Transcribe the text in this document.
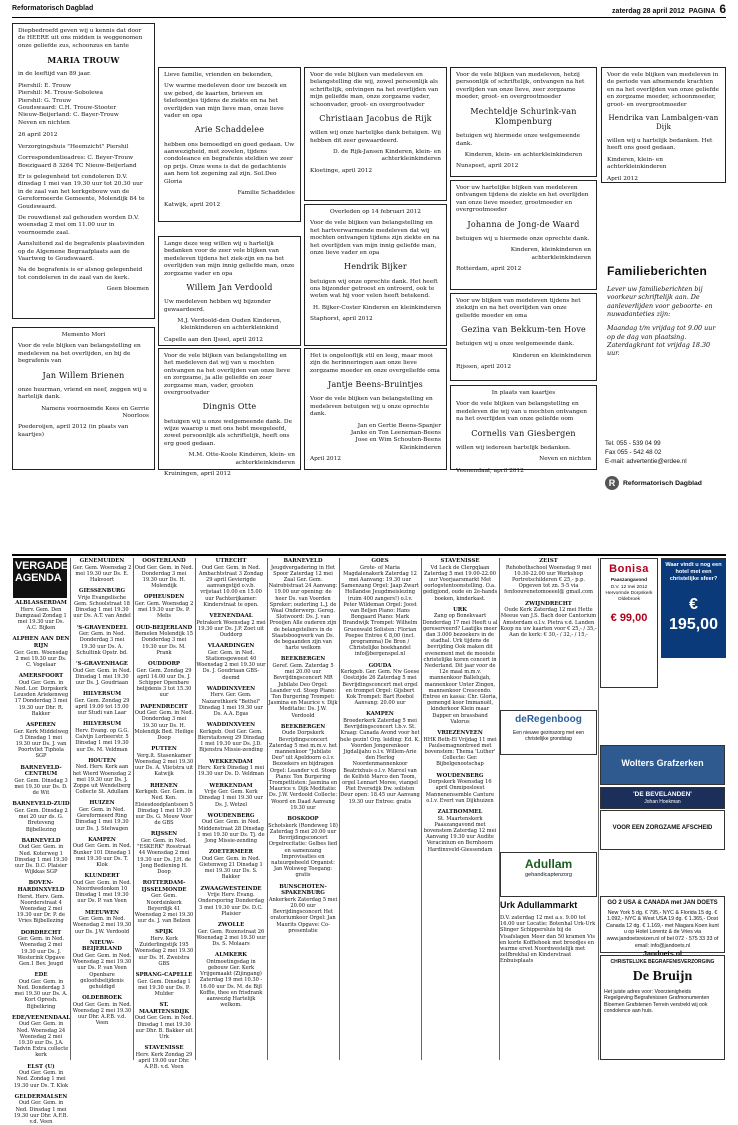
Reformatorisch Dagblad	zaterdag 28 april 2012 PAGINA 6

Diepbedroefd geven wij u kennis dat door de HEERE uit ons midden is weggenomen onze geliefde zus, schoonzus en tante

MARIA TROUW

in de leeftijd van 89 jaar.

Piershil: E. Trouw
Piershil: M. Trouw-Sobolewa
Piershil: G. Trouw
Goudswaard: C.H. Trouw-Stooter
Nieuw-Beijerland: C. Bayer-Trouw
Neven en nichten

26 april 2012

Verzorgingshuis "Heemzicht" Piershil

Correspondentieadres: C. Beyer-Trouw Boezigaard 8 3264 TC Nieuw-Beijerland

Er is gelegenheid tot condoleren D.V. dinsdag 1 mei van 19.30 uur tot 20.30 uur in de zaal van het kerkgebouw van de Gereformeerde Gemeente, Molendijk 84 te Goudswaard.

De rouwdienst zal gehouden worden D.V. woensdag 2 mei om 11.00 uur in voornoemde zaal.

Aansluitend zal de begrafenis plaatsvinden op de Algemene Begraafplaats aan de Vaartweg te Goudswaard.

Na de begrafenis is er alsnog gelegenheid tot condoleren in de zaal van de kerk.

Geen bloemen

Lieve familie, vrienden en bekenden,

Uw warme medeleven door uw bezoek en uw gebed, de kaarten, brieven en telefoontjes tijdens de ziekte en na het overlijden van mijn lieve man, onze lieve vader en opa

Arie Schaddelee

hebben ons bemoedigd en goed gedaan. Uw aanwezigheid, met zovelen, tijdens condoleance en begrafenis steldien we zeer op prijs. Onze wens is dat de gedachtenis aan hem tot zegening zal zijn. Sol.Deo Gloria

Familie Schaddelee

Katwijk, april 2012

Voor de vele blijken van medeleven en belangstelling die wij, zowel persoonlijk als schriftelijk, ontvingen na het overlijden van mijn geliefde man, onze zorgzame vader, schoonvader, groot- en overgrootvader

Christiaan Jacobus de Rijk

willen wij onze hartelijke dank betuigen. Wij hebben dit zeer gewaardeerd.

D. de Rijk-Jansen Kinderen, klein- en achterkleinkinderen

Kloetinge, april 2012

Voor de vele blijken van medeleven, hetzij persoonlijk of schriftelijk, ontvangen na het overlijden van onze lieve, zeer zorgzame moeder, groot- en overgrootmoeder

Mechteldje Schurink-van Klompenburg

betuigen wij hiermede onze welgemeende dank.

Kinderen, klein- en achterkleinkinderen

Nunspeet, april 2012

Voor de vele blijken van medeleven in de periode van afnemende krachten en na het overlijden van onze geliefde en zorgzame moeder, schoonmoeder, groot- en overgrootmoeder

Hendrika van Lambalgen-van Dijk

willen wij u hartelijk bedanken. Het heeft ons goed gedaan.

Kinderen, klein- en achterkleinkinderen

April 2012

Lange deze weg willen wij u hartelijk bedanken voor de zeer vele blijken van medeleven tijdens het ziek-zijn en na het overlijden van mijn innig geliefde man, onze zorgzame vader en opa

Willem Jan Verdoold

Uw medeleven hebben wij bijzonder gewaardeerd.

M.J. Verdoold-den Ouden Kinderen, kleinkinderen en achterkleinkind

Capelle aan den IJssel, april 2012

Overleden op 14 februari 2012

Voor de vele blijken van belangstelling en het hartverwarmende medeleven dat wij mochten ontvangen tijdens zijn ziekte en na het overlijden van mijn innig geliefde man, onze lieve vader en opa

Hendrik Bijker

betuigen wij onze oprechte dank. Het heeft ons bijzonder getroost en ontroerd, ook te weten wat hij voor velen heeft betekend.

H. Bijker-Coster Kinderen en kleinkinderen

Staphorst, april 2012

Voor uw hartelijke blijken van medeleven ontvangen tijdens de ziekte en het overlijden van onze lieve moeder, grootmoeder en overgrootmoeder

Johanna de Jong-de Waard

betuigen wij u hiermede onze oprechte dank.

Kinderen, kleinkinderen en achterkleinkinderen

Rotterdam, april 2012

Voor uw blijken van medeleven tijdens het ziekzijn en na het overlijden van onze geliefde moeder en oma

Gezina van Bekkum-ten Hove

betuigen wij u onze welgemeende dank.

Kinderen en kleinkinderen

Rijssen, april 2012

Memento Mori

Voor de vele blijken van belangstelling en medeleven na het overlijden, en bij de begrafenis van

Jan Willem Brienen

onze huurman, vriend en neef, zeggen wij u hartelijk dank.

Namens voornoemde Kees en Gerrie Noorloos

Poederoijen, april 2012 (in plaats van kaartjes)

Voor de vele blijken van belangstelling en het medeleven dat wij van u mochten ontvangen na het overlijden van onze lieve en zorgzame, ja alle geliefde en zeer zorgzame man, vader, grooten overgrootvader

Dingnis Otte

betuigen wij u onze welgemeende dank. De wijze waarop u met ons hebt meegeleefd, zowel persoonlijk als schriftelijk, heeft ons erg goed gedaan.

M.M. Otte-Koole Kinderen, klein- en achterkleinkinderen

Kruiningen, april 2012

Het is ongelooflijk stil en leeg, maar mooi zijn de herinneringen aan onze lieve zorgzame moeder en onze overgeliefde oma

Jantje Beens-Bruintjes

Voor de vele blijken van belangstelling en medeleven betuigen wij u onze oprechte dank.

Jan en Gertie Beens-Spanjer
Janke en Ton Leeneman-Beens
Jose en Wim Schouten-Beens
Kleinkinderen

April 2012

In plaats van kaartjes

Voor de vele blijken van belangstelling en medeleven die wij van u mochten ontvangen na het overlijden van onze geliefde oom

Cornelis van Giesbergen

willen wij iedereen hartelijk bedanken.

Neven en nichten

Veenendaal, april 2012

Familieberichten

Lever uw familieberichten bij voorkeur schriftelijk aan. De aanleverlijden voor geboorte- en nuwadanteties zijn:

Maandag t/m vrijdag tot 9.00 uur op de dag van plaatsing. Zaterdagkrant tot vrijdag 18.30 uur.

Tel. 055 - 539 04 99
Fax 055 - 542 48 02
E-mail: advertentie@erdee.nl
R	Reformatorisch Dagblad
VERGADER-
AGENDA
ALBLASSERDAM
Herv. Gem. Den Dampzaal Zondag 1 mei 19.30 uur Ds. A.C. Bijken
ALPHEN AAN DEN RIJN
Ger. Gem. Woensdag 2 mei 19.30 uur Ds. C. Vogelaar
AMERSFOORT
Oud Ger. Gem. in Ned. Lor. Dorpskerk Leusden Ariekenweg 17 Donderdag 3 mei 19.30 uur Dhr. R. Bakker
ASPEREN
Ger. Kerk Middelweg 5 Dinsdag 1 mei 19.30 uur Ds. J. van Poortvliet Tiphola SGP
BARNEVELD-CENTRUM
Ger. Gem. Dinsdag 3 mei 19.30 uur Ds. D. de Wit
BARNEVELD-ZUID
Ger. Gem. Dinsdag 2 mei 20 uur ds. G. Breteveng Bijbellezing
BARNEVELD
Oud Ger. Gem. in Ned. Koterweg 1 Dinsdag 1 mei 19.30 uur Ds. D.C. Plaisier Wijkkas SGP
BOVEN-HARDINXVELD
Herst. Herv. Gem. Noorderstraat 4 Woensdag 2 mei 19.30 uur Dr. P. de Vries Bijbellezing
DORDRECHT
Ger. Gem. in Ned. Woensdag 2 mei 19.30 uur Ds. J. Westerink Opgave Gen.1 Bev. Jeugd
EDE
Oud Ger. Gem. in Ned. Donderdag 3 mei 19.30 uur Ds. A. Kort Opresh. Bijbelkring
EDE/VEENENDAAL
Oud Ger. Gem. in Ned. Woensdag 24 Woensdag 2 mei 19.30 uur Ds. J.A. Tadvin Extra collecte kerk
ELST (U)
Oud Ger. Gem. in Ned. Zondag 1 mei 19.30 uur Ds. T. Klok
GELDERMALSEN
Oud Ger. Gem. in Ned. Dinsdag 1 mei 19.30 uur Dhr. A.F.B. v.d. Veen
GENEMUIDEN
Ger. Gem. Woensdag 2 mei 19.30 uur Ds. E. Hakvoort
GIESSENBURG
Vrije Evangelische Gem. Schoolstraat 18 Dinsdag 1 mei 19.30 uur Ds. A.T. van Andel
'S-GRAVENDEEL
Ger. Gem. in Ned. Donderdag 3 mei 19.30 uur Ds. A. Schultink Opstr. bd.
'S-GRAVENHAGE
Oud Ger. Gem. in Ned. Dinsdag 1 mei 19.30 uur Ds. J. Goudriaan
HILVERSUM
Ger. Gem. Zondag 29 april 19.00 tot 15.00 uur Studi van Laar
HILVERSUM
Herv. Evang. op G.G. Calvijn Lorbeerstr. 5 Dinsdag 1 mei 19.30 uur Ds. M. Veldman
HOUTEN
Ned. Herv. Kerk aan het Wierd Woensdag 2 mei 19.30 uur Ds. J. Zoppe uit Wendelberg Collecte St. Adullam
HUIZEN
Ger. Gem. in Ned. Gereformeerd Ring Dinsdag 1 mei 19.30 uur Ds. J. Stelwagen
KAMPEN
Oud Ger. Gem. in Ned. Bunker 101 Dinsdag 1 mei 19.30 uur Ds. T. Klok
KLUNDERT
Oud Ger. Gem. in Ned. Noordwedonken 10 Dinsdag 1 mei 19.30 uur Ds. P. van Veen
MEEUWEN
Ger. Gem. in Ned. Woensdag 2 mei 19.30 uur Ds. J.W. Verdoold
NIEUW-BEIJERLAND
Oud Ger. Gem. in Ned. Woensdag 2 mei 19.30 uur Ds. P. van Veen Openbare geloofsbelijdenis gehuldigd
OLDEBROEK
Oud Ger. Gem. in Ned. Woensdag 2 mei 19.30 uur Dhr. A.P.B. v.d. Veen
OOSTERLAND
Oud Ger. Gem. in Ned. Donderdag 3 mei 19.30 uur Ds. H. Molendijk
OPHEUSDEN
Ger. Gem. Woensdag 2 mei 19.30 uur Ds. P. Melis
OUD-BEIJERLAND
Bemelen Molendijk 15 Donderdag 3 mei 19.30 uur Ds. M. Prank
OUDDORP
Ger. Gem. Zondag 29 april 14.00 uur Ds. J. Schipper Openbare belijdenis 3 tot 15.30 uur
PAPENDRECHT
Oud Ger. Gem. in Ned. Donderdag 3 mei 19.30 uur Ds. H. Molendijk Bed. Heilige Doop
PUTTEN
Verg.lt. Stasenkamer Woensdag 2 mei 19.30 uur Ds. A. Vlietstra uit Katwijk
RHENEN
Kerkgeb. Ger. Gem. in Ned. Ken. Elsiesdoodplantsoen 5 Dinsdag 1 mei 19.30 uur Ds. G. Mouw Voor de GBS
RIJSSEN
Ger. Gem. in Ned. "ESKERK" Rosstraat 44 Woensdag 2 mei 19.30 uur Ds. J.H. de Jong Bediening H. Doop
ROTTERDAM-IJSSELMONDE
Ger. Gem. Noordsinkerk Beyerdijk 41 Woensdag 2 mei 19.30 uur ds. J. van Belzen
SPIJK
Herv. Kerk Zuiderlingstijk 195 Woensdag 2 mei 19.30 uur Ds. H. Zweistra GBS
SPRANG-CAPELLE
Ger. Gem. Dinsdag 1 mei 19.30 uur Ds. P. Mulder
ST. MAARTENSDIJK
Oud Ger. Gem. in Ned. Dinsdag 1 mei 19.30 uur Dhr. B. Bakker uit Urk
STAVENISSE
Herv. Kerk Zondag 29 april 19.00 uur Dhr. A.P.B. v.d. Veen
UTRECHT
Oud Ger. Gem. in Ned. Ambachtstraat 3 Zondag 29 april Gevierigde aanvangstijd o.v.b. vrijstaat 10.00 en 15.00 uur Pachterijkamer: Kinderstraat te open.
VEENENDAAL
Petrakerk Woensdag 2 mei 19.30 uur Ds. J.P. Zoet uit Ouddorp
VLAARDINGEN
Ger. Gem. in Ned. Stationsgeweest 40 Woensdag 2 mei 19.30 uur Ds. J. Goudriaan GBS-deemd
WADDINXVEEN
Herv. Ger. Gem. Nazarethkerk "Bethel" Dinsdag 1 mei 19.30 uur Ds. A.A. Egas
WADDINXVEEN
Kerkgeb. Oud Ger. Gem. Bierstaitsweg 29 Dinsdag 1 mei 19.30 uur Ds. J.D. Bijenstra Missie-zending
WEKKENDAM
Herv. Kerk Dinsdag 1 mei 19.30 uur Ds. D. Veldman
WERKENDAM
Vrije Ger. Gem. Kerk Dinsdag 1 mei 19.30 uur Ds. J. Wetzel
WOUDENBERG
Oud Ger. Gem. in Ned. Middenstraat 28 Dinsdag 1 mei 19.30 uur Ds. Tj. de Jong Missie-zending
ZOETERMEER
Oud Ger. Gem. in Ned. Gietenweg 21 Dinsdag 1 mei 19.30 uur Ds. S. Bakker
ZWAAGWESTEINDE
Vrije Herv. Evang. Ondersporing Donderdag 3 mei 19.30 uur Ds. D.C. Plaisier
ZWOLLE
Ger. Gem. Rozenstraat 26 Woensdag 2 mei 19.30 uur Ds. S. Molaars
ALMKERK
Ontmoetingsdag in gebouw Ger. Kerk Vrijgemaakt (Zijingang) Zaterdag 19 mei 10.30 - 16.00 uur Ds. M. de Bijl Koffie, thee en frisdrank aanwezig Hartelijk welkom.
BARNEVELD
Jeugdvergadering in Het Spoor Zaterdag 12 mei Zaal Ger. Gem. Nairobistraat 24 Aanvang: 19.00 uur opening: de heer Ds. van Voorden Spreker: ouderling L.J. de Waal Onderwerp: Gereg. Slotwoord: Ds. J. van Prooijen Alle ouderen zijn de belangstellers in de Staatsboogwerk van Ds. de begaanden zijn van harte welkom
BEEKBERGEN
Geref. Gem. Zaterdag 5 mei 20.00 uur Bevrijdingsconcert MR Jubilate Deo Orgel: Leander v.d. Stoep Piano: Ton Burgering Trompet: Jasmina en Maurice v. Dijk Meditatie: Ds. J.W. Verdoold
BEEKBERGEN
Oude Dorpskerk Bevrijdingsconcert Zaterdag 5 mei m.m.v. het mannenkoor "Jubilate Deo" uit Apeldoorn o.l.v. Bezoekers en bijdragen Orgel: Leander v.d. Stoep Piano: Ton Burgering Trompettisten: Jasmina en Maurice v. Dijk Meditatie: Ds. J.W. Verdoold Collecte: Woord en Daad Aanvang 19.30 uur
BOSKOOP
Schotskerk (Rondeweg 18) Zaterdag 5 mei 20.00 uur Bevrijdingsconcert Orgelrecitatie: Gelbes lied en samenzang Improvisaties en natuurgebeeld Organist: Jan Wolsweg Toegang: gratis
BUNSCHOTEN-SPAKENBURG
Ankerkerk Zaterdag 5 mei 20.00 uur Bevrijdingsconcert Het oratoriumkoor Orgel: Jan Maurits Opgave: Co-presentatie
GOES
Grote- of Maria Magdalenakerk Zaterdag 12 mei Aanvang: 19.30 uur Samenzang Orgel: Jaap Zwart Hollandse Jeugdmeislezing (ruim 400 zangers!) o.l.v. Peter Wildeman Orgel: Joost van Beljen Piano: Hans Bongaard Piano: Mark Brandwijk Trompet: Wilhelm Gruenwald Solisten: Florian Poepse Entree € 8,00 (incl. programma) De Bron / Christelijke boekhandel info@bergenspel.nl
GOUDA
Kerkgeb. Ger. Gem. Nw Goese Oostzijde 26 Zaterdag 5 mei Bevrijdingsconcert met orgel en trompet Orgel: Gijsbert Kok Trompet: Bart Roebol Aanvang: 20.00 uur
KAMPEN
Broederkerk Zaterdag 5 mei Bevrijdingsconcert t.b.v. St. Kraag: Canada Avond voor het hele gezin! Org. leiding: Ed. K. Voorden Jongerenkoor Jigdalijahu o.l.v. Willem-Arie den Herlog Noordenmannenkoor Beatrixhuis o.l.v. Marcel van de Kelfstö Marco den Toom, orgel Lennart Moree, viangel Piet Eversdijk Dw. solisten Deur open: 18.45 uur Aanvang 19.30 uur Entree: gratis
STAVENISSE
Vd Leck de Clergqlaan Zaterdag 5 mei 19.00-22.00 uur Voorjaarsmarkt Met oorlogstentoonstelling. O.a. gedigjond, oude en 2e-hands boeken, kinderkast.
URK
Zang op Bonekvaart Donderdag 17 mei Heeft u al gereserveerd? Laatijks meer dan 3.000 bezoekers in de stadhal. Urk tijdens de bevrijding Ook maken dit evenement met de mooiste christelijke koren concert in Nederland. Dit jaar voor de 12e maal m.m.v. mannenkoor Ballelujah, mannenkoor Unter Zingen, mannenkoor Crescendo. Entree en kassa: Chr. Gloria, gemengd koor Immanuël, kinderkoor Klein maar Dapper en brassband Valorus
VRIEZENVEEN
HHK Beth-El Vrijdag 11 mei Paulsemagnontreed met bovenstem: Thema 'Luther' Collecte: Ger. Bijbelgenootschap
WOUDENBERG
Dorpskerk Woensdag 16 april Onmiposloest Mannenensemble Canture o.l.v. Evert van Dijkhuizen
ZALTBOMMEL
St. Maartenskerk Paaszangavond met bovenstem Zaterdag 12 mei Aanvang 19.30 uur Audite Veracinium en Bernhoorn Hardinxveld-Giessendam
ZEIST
Rehobothschool Woensdag 9 mei 10.30-22.00 uur Workshop Portretschilderen € 25,- p.p. Opgeven tot zn. 5-5 via fenfoouvenetomoeeel@ gmail.com
ZWIJNDRECHT
Oude Kerk Zaterdag 12 mei Hette Meeue van J.S. Bach door Cantorium Amsterdam o.l.v. Pietra v.d. Landen Koop nu uw kaarten voor € 25,- / 35,- Aan de kerk: € 30,- / 32,- / 15,-
Bonisa
Paaszangavond
D.V. 12 mei 2012
Hervormde Dorpskerk Oldebroek
€ 99,00
Waar vindt u nog een hotel met een christelijke sfeer?
€ 195,00
deRegenboog
Een nieuwe gezinszorg met een christelijke grondslag
Wolters Grafzerken
'DE BEVELANDEN'
Johan Hoekman
VOOR EEN ZORGZAME AFSCHEID
Adullam
gehandicaptenzorg
Urk Adullammarkt
D.V. zaterdag 12 mei a.s. 9.00 tot 16.00 uur Locatie: Botenhal Urk-Urk Slinger Schippersluis bij de Visafslagen Meer dan 50 kramen Vis en korte Koffiehoek met broodjes en warme ervet Noordwestelijk met zelfbrekhal en Kinderstraat Enbuisplaats
GO 2 USA & CANADA met JAN DOETS
New York 5 dg. € 795,- NYC & Florida 15 dg. € 1.092,- NYC & West USA 19 dg. € 1.365,- Oost Canada 12 dg. € 1.169,- met Niagara Koen kunt u op Hotel Lorentz & de Vries via www.jandoetsreizen.nl of bel 072 - 575 33 33 of email: info@jandoets.nl
Jandoets.nl
CHRISTELIJKE BEGRAFENISVERZORGING
De Bruijn
Het juiste adres voor: Voorzienigheids Regelgeving Begrafenissen Grafmonumenten Bloemen Grafstenen Terrein verstrekt wij ook condolence aan huis.
